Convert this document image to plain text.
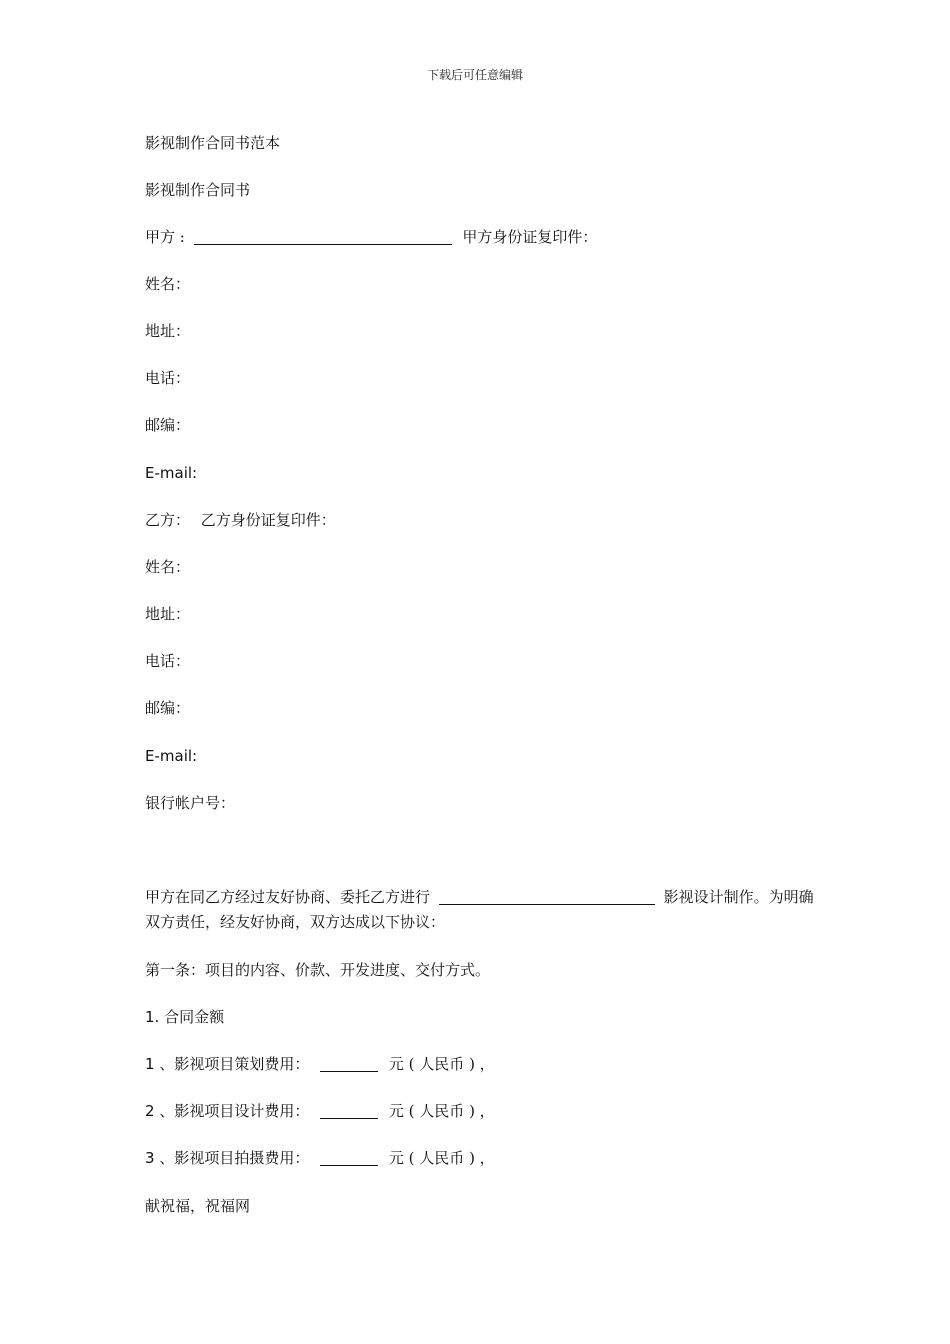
下载后可任意编辑
影视制作合同书范本
影视制作合同书
甲方 :	甲方身份证复印件：
姓名：
地址：
电话：
邮编：
E-mail:
乙方： 乙方身份证复印件：
姓名：
地址：
电话：
邮编：
E-mail:
银行帐户号：
甲方在同乙方经过友好协商、委托乙方进行	影视设计制作。为明确双方责任，经友好协商，双方达成以下协议：
第一条：项目的内容、价款、开发进度、交付方式。
1. 合同金额
1 、影视项目策划费用：	元 ( 人民币 ) ，
2 、影视项目设计费用：	元 ( 人民币 ) ，
3 、影视项目拍摄费用：	元 ( 人民币 ) ，
献祝福，祝福网
